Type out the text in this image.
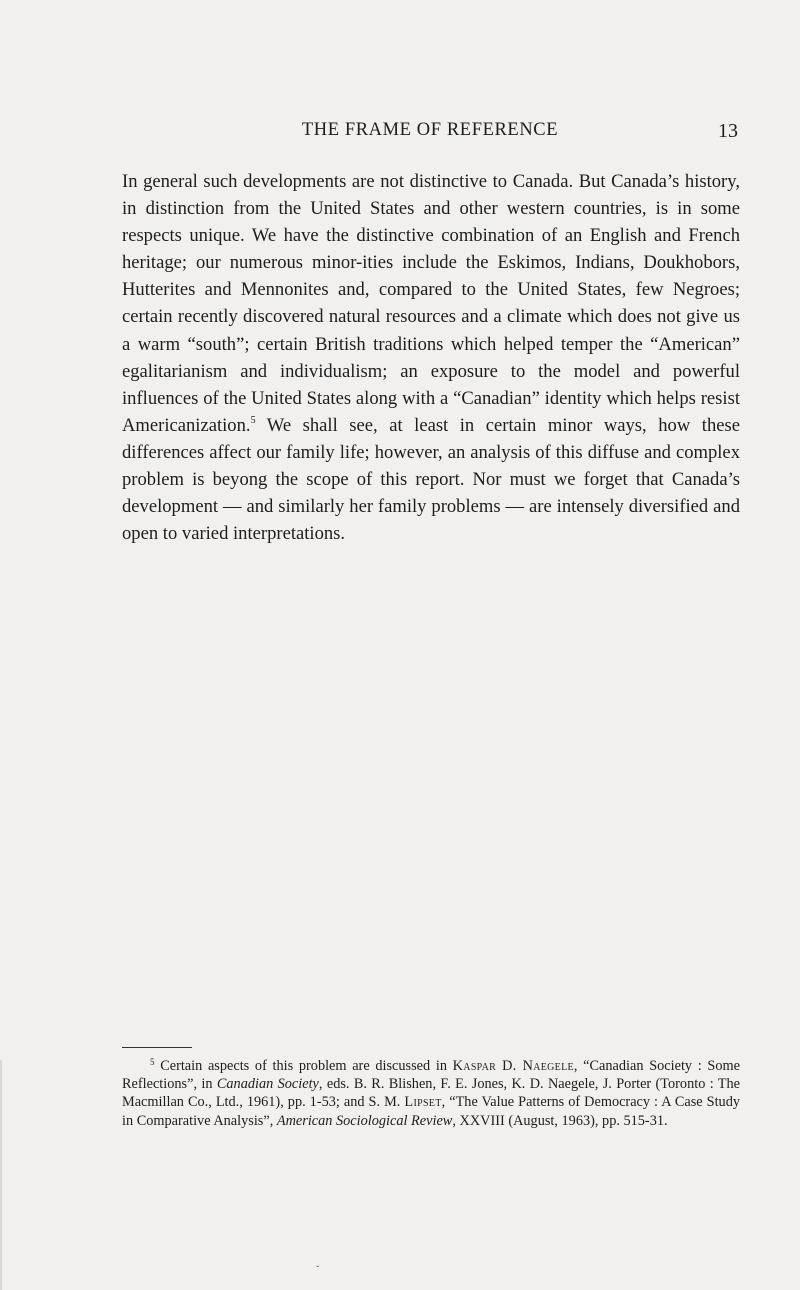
THE FRAME OF REFERENCE	13

In general such developments are not distinctive to Canada. But Canada’s history, in distinction from the United States and other western countries, is in some respects unique. We have the distinctive combination of an English and French heritage; our numerous minor-ities include the Eskimos, Indians, Doukhobors, Hutterites and Mennonites and, compared to the United States, few Negroes; certain recently discovered natural resources and a climate which does not give us a warm “south”; certain British traditions which helped temper the “American” egalitarianism and individualism; an exposure to the model and powerful influences of the United States along with a “Canadian” identity which helps resist Americanization.$^5$ We shall see, at least in certain minor ways, how these differences affect our family life; however, an analysis of this diffuse and complex problem is beyong the scope of this report. Nor must we forget that Canada’s development — and similarly her family problems — are intensely diversified and open to varied interpretations.

$^5$ Certain aspects of this problem are discussed in Kaspar D. Naegele, “Canadian Society : Some Reflections”, in Canadian Society, eds. B. R. Blishen, F. E. Jones, K. D. Naegele, J. Porter (Toronto : The Macmillan Co., Ltd., 1961), pp. 1-53; and S. M. Lipset, “The Value Patterns of Democracy : A Case Study in Comparative Analysis”, American Sociological Review, XXVIII (August, 1963), pp. 515-31.

ˇ
